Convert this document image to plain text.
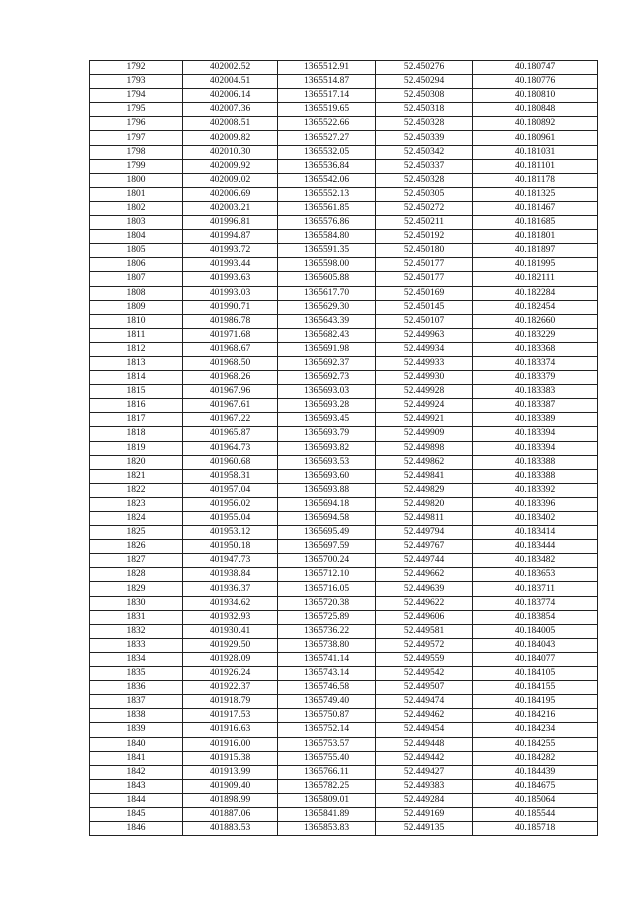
1792	402002.52	1365512.91	52.450276	40.180747
1793	402004.51	1365514.87	52.450294	40.180776
1794	402006.14	1365517.14	52.450308	40.180810
1795	402007.36	1365519.65	52.450318	40.180848
1796	402008.51	1365522.66	52.450328	40.180892
1797	402009.82	1365527.27	52.450339	40.180961
1798	402010.30	1365532.05	52.450342	40.181031
1799	402009.92	1365536.84	52.450337	40.181101
1800	402009.02	1365542.06	52.450328	40.181178
1801	402006.69	1365552.13	52.450305	40.181325
1802	402003.21	1365561.85	52.450272	40.181467
1803	401996.81	1365576.86	52.450211	40.181685
1804	401994.87	1365584.80	52.450192	40.181801
1805	401993.72	1365591.35	52.450180	40.181897
1806	401993.44	1365598.00	52.450177	40.181995
1807	401993.63	1365605.88	52.450177	40.182111
1808	401993.03	1365617.70	52.450169	40.182284
1809	401990.71	1365629.30	52.450145	40.182454
1810	401986.78	1365643.39	52.450107	40.182660
1811	401971.68	1365682.43	52.449963	40.183229
1812	401968.67	1365691.98	52.449934	40.183368
1813	401968.50	1365692.37	52.449933	40.183374
1814	401968.26	1365692.73	52.449930	40.183379
1815	401967.96	1365693.03	52.449928	40.183383
1816	401967.61	1365693.28	52.449924	40.183387
1817	401967.22	1365693.45	52.449921	40.183389
1818	401965.87	1365693.79	52.449909	40.183394
1819	401964.73	1365693.82	52.449898	40.183394
1820	401960.68	1365693.53	52.449862	40.183388
1821	401958.31	1365693.60	52.449841	40.183388
1822	401957.04	1365693.88	52.449829	40.183392
1823	401956.02	1365694.18	52.449820	40.183396
1824	401955.04	1365694.58	52.449811	40.183402
1825	401953.12	1365695.49	52.449794	40.183414
1826	401950.18	1365697.59	52.449767	40.183444
1827	401947.73	1365700.24	52.449744	40.183482
1828	401938.84	1365712.10	52.449662	40.183653
1829	401936.37	1365716.05	52.449639	40.183711
1830	401934.62	1365720.38	52.449622	40.183774
1831	401932.93	1365725.89	52.449606	40.183854
1832	401930.41	1365736.22	52.449581	40.184005
1833	401929.50	1365738.80	52.449572	40.184043
1834	401928.09	1365741.14	52.449559	40.184077
1835	401926.24	1365743.14	52.449542	40.184105
1836	401922.37	1365746.58	52.449507	40.184155
1837	401918.79	1365749.40	52.449474	40.184195
1838	401917.53	1365750.87	52.449462	40.184216
1839	401916.63	1365752.14	52.449454	40.184234
1840	401916.00	1365753.57	52.449448	40.184255
1841	401915.38	1365755.40	52.449442	40.184282
1842	401913.99	1365766.11	52.449427	40.184439
1843	401909.40	1365782.25	52.449383	40.184675
1844	401898.99	1365809.01	52.449284	40.185064
1845	401887.06	1365841.89	52.449169	40.185544
1846	401883.53	1365853.83	52.449135	40.185718
